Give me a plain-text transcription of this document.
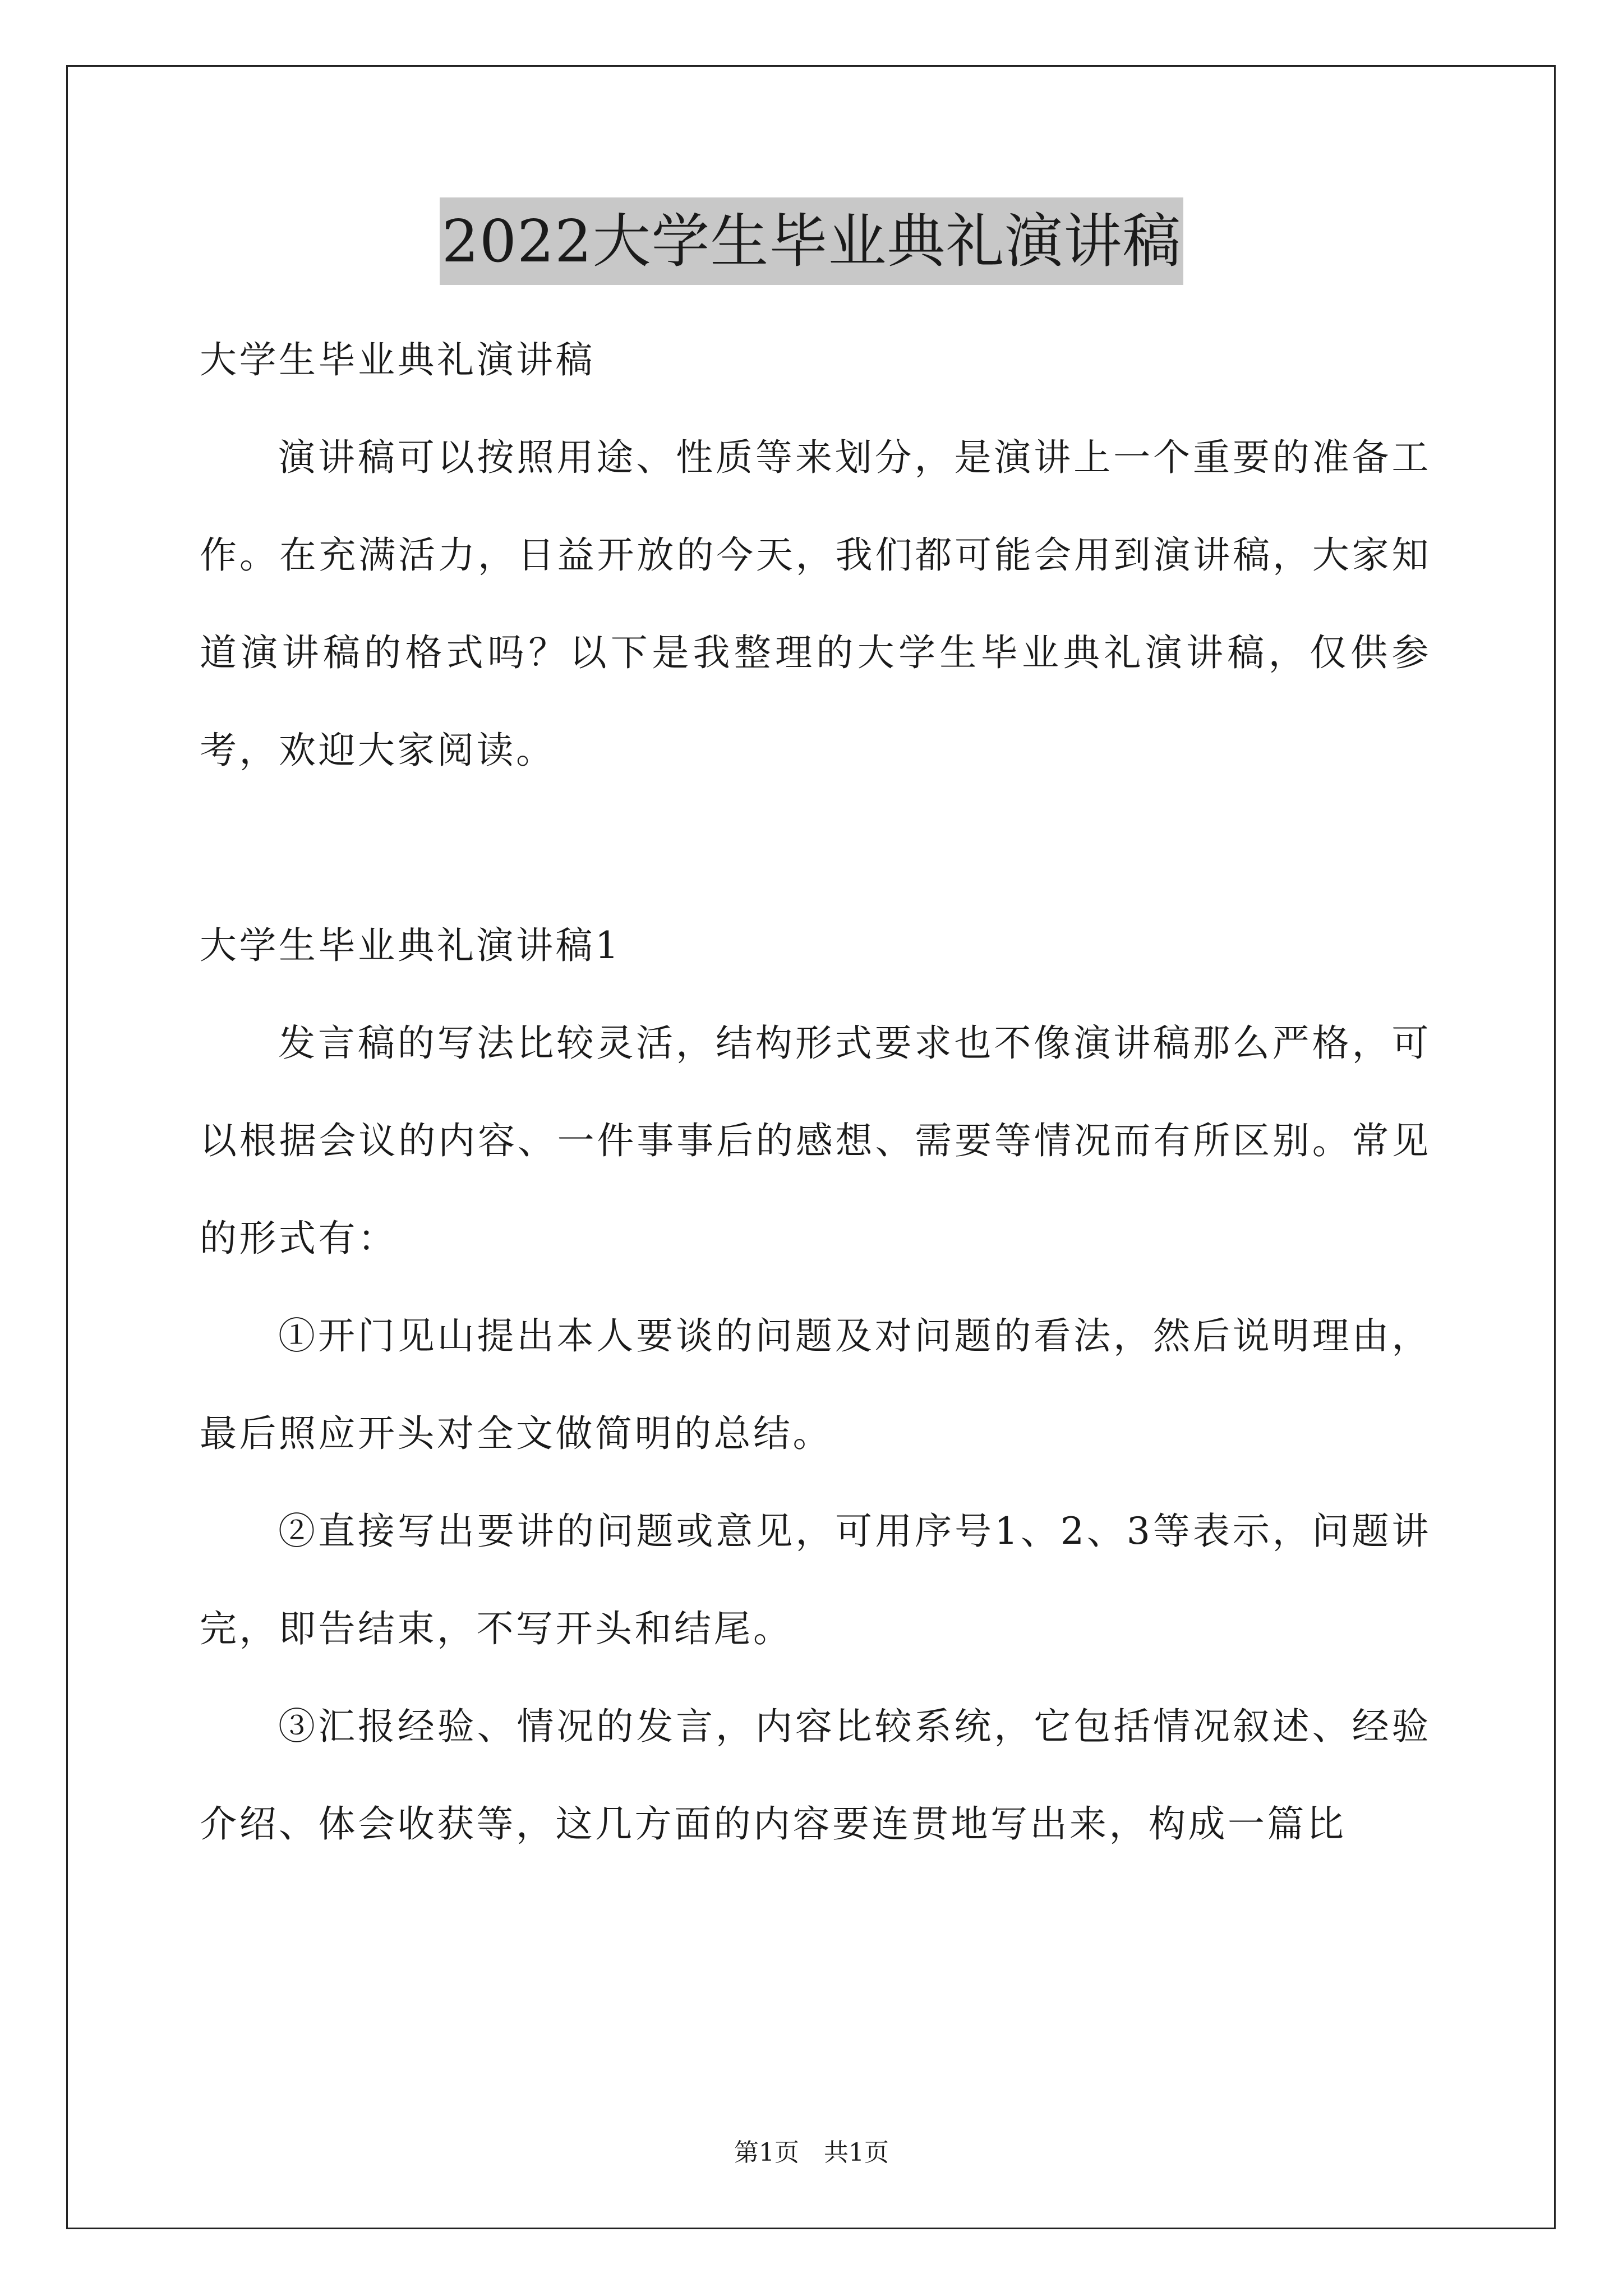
2022大学生毕业典礼演讲稿

大学生毕业典礼演讲稿

演讲稿可以按照用途、性质等来划分，是演讲上一个重要的准备工作。在充满活力，日益开放的今天，我们都可能会用到演讲稿，大家知道演讲稿的格式吗？以下是我整理的大学生毕业典礼演讲稿，仅供参考，欢迎大家阅读。

大学生毕业典礼演讲稿1

发言稿的写法比较灵活，结构形式要求也不像演讲稿那么严格，可以根据会议的内容、一件事事后的感想、需要等情况而有所区别。常见的形式有：

①开门见山提出本人要谈的问题及对问题的看法，然后说明理由，最后照应开头对全文做简明的总结。

②直接写出要讲的问题或意见，可用序号1、2、3等表示，问题讲完，即告结束，不写开头和结尾。

③汇报经验、情况的发言，内容比较系统，它包括情况叙述、经验介绍、体会收获等，这几方面的内容要连贯地写出来，构成一篇比

第1页　共1页
